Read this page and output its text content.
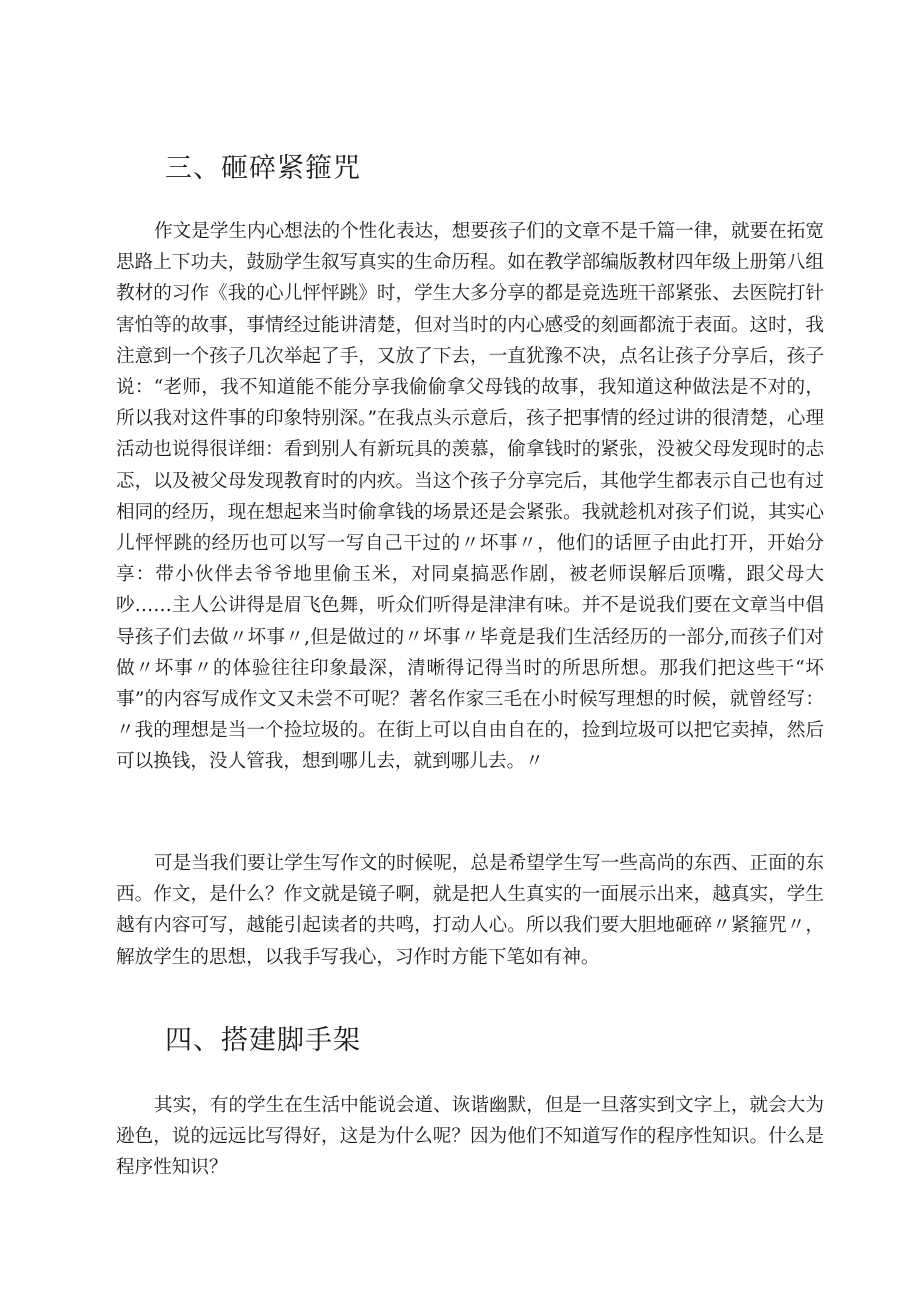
三、砸碎紧箍咒

作文是学生内心想法的个性化表达，想要孩子们的文章不是千篇一律，就要在拓宽思路上下功夫，鼓励学生叙写真实的生命历程。如在教学部编版教材四年级上册第八组教材的习作《我的心儿怦怦跳》时，学生大多分享的都是竞选班干部紧张、去医院打针害怕等的故事，事情经过能讲清楚，但对当时的内心感受的刻画都流于表面。这时，我注意到一个孩子几次举起了手，又放了下去，一直犹豫不决，点名让孩子分享后，孩子说：“老师，我不知道能不能分享我偷偷拿父母钱的故事，我知道这种做法是不对的，所以我对这件事的印象特别深。”在我点头示意后，孩子把事情的经过讲的很清楚，心理活动也说得很详细：看到别人有新玩具的羡慕，偷拿钱时的紧张，没被父母发现时的忐忑，以及被父母发现教育时的内疚。当这个孩子分享完后，其他学生都表示自己也有过相同的经历，现在想起来当时偷拿钱的场景还是会紧张。我就趁机对孩子们说，其实心儿怦怦跳的经历也可以写一写自己干过的〃坏事〃，他们的话匣子由此打开，开始分享：带小伙伴去爷爷地里偷玉米，对同桌搞恶作剧，被老师误解后顶嘴，跟父母大吵……主人公讲得是眉飞色舞，听众们听得是津津有味。并不是说我们要在文章当中倡导孩子们去做〃坏事〃,但是做过的〃坏事〃毕竟是我们生活经历的一部分,而孩子们对做〃坏事〃的体验往往印象最深，清晰得记得当时的所思所想。那我们把这些干“坏事”的内容写成作文又未尝不可呢？著名作家三毛在小时候写理想的时候，就曾经写：〃我的理想是当一个捡垃圾的。在街上可以自由自在的，捡到垃圾可以把它卖掉，然后可以换钱，没人管我，想到哪儿去，就到哪儿去。〃

可是当我们要让学生写作文的时候呢，总是希望学生写一些高尚的东西、正面的东西。作文，是什么？作文就是镜子啊，就是把人生真实的一面展示出来，越真实，学生越有内容可写，越能引起读者的共鸣，打动人心。所以我们要大胆地砸碎〃紧箍咒〃，解放学生的思想，以我手写我心，习作时方能下笔如有神。

四、搭建脚手架

其实，有的学生在生活中能说会道、诙谐幽默，但是一旦落实到文字上，就会大为逊色，说的远远比写得好，这是为什么呢？因为他们不知道写作的程序性知识。什么是程序性知识？
